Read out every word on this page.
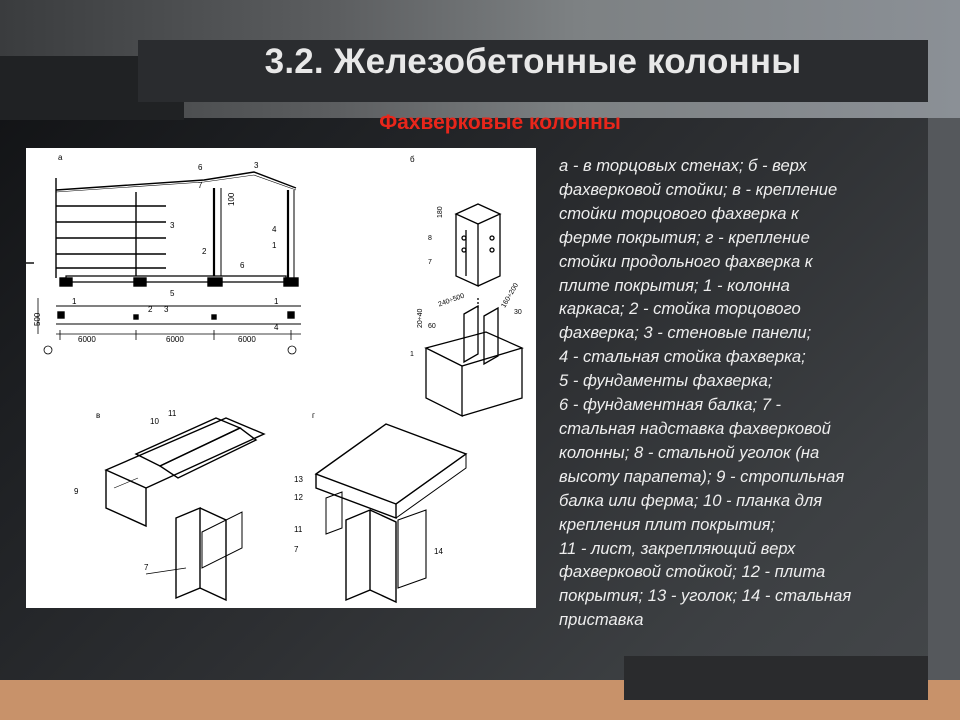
3.2. Железобетонные колонны
Фахверковые колонны
а
6	3
7
100
3
2
4
1
6
5
1	1
2 3
4
500
6000	6000	6000
б
180
8
7
240÷500	160÷200
30
20÷40 60
1
в	11
10
9
7
г
13
12
11
7	14
а - в торцовых стенах; б - верх
фахверковой стойки; в - крепление
стойки торцового фахверка к
ферме покрытия; г - крепление
стойки продольного фахверка к
плите покрытия; 1 - колонна
каркаса; 2 - стойка торцового
фахверка; 3 - стеновые панели;
4 - стальная стойка фахверка;
5 - фундаменты фахверка;
6 - фундаментная балка; 7 -
стальная надставка фахверковой
колонны; 8 - стальной уголок (на
высоту парапета); 9 - стропильная
балка или ферма; 10 - планка для
крепления плит покрытия;
11 - лист, закрепляющий верх
фахверковой стойкой; 12 - плита
покрытия; 13 - уголок; 14 - стальная
приставка
